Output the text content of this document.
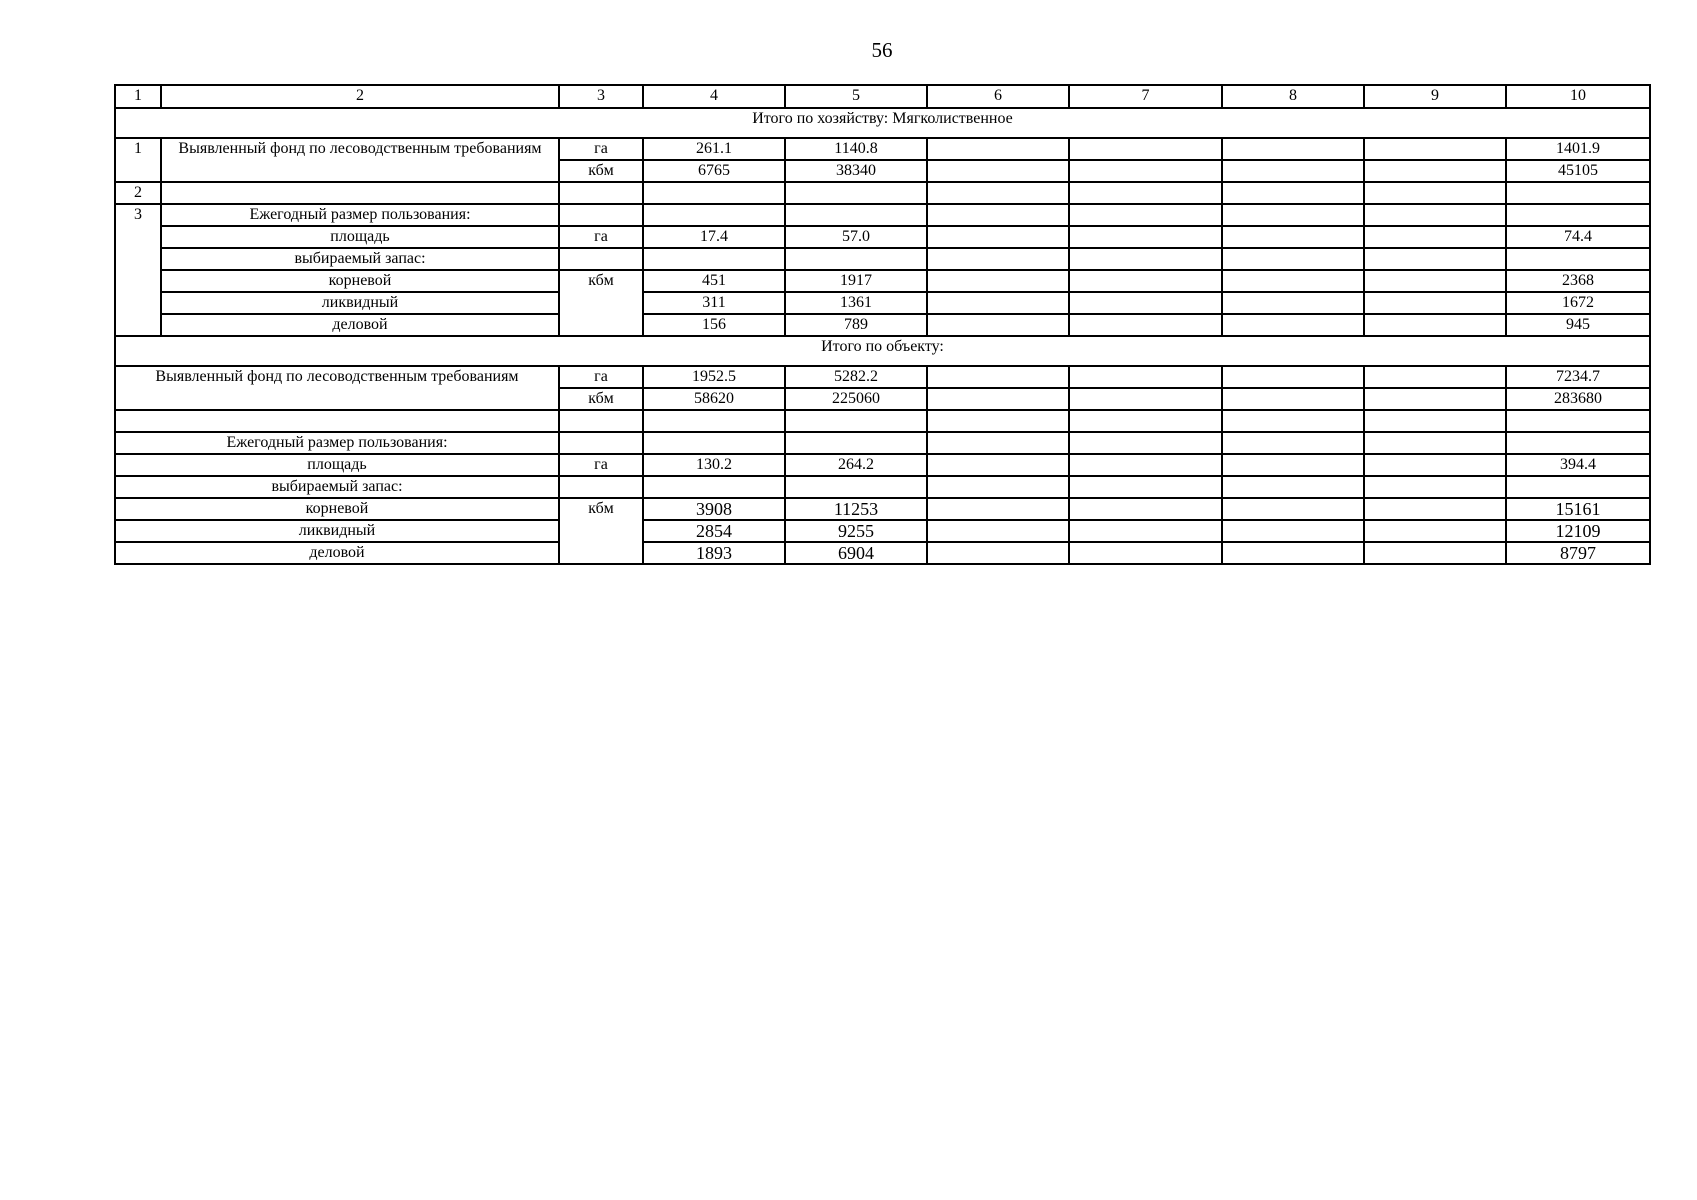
56
1	2	3	4	5	6	7	8	9	10
Итого по хозяйству: Мягколиственное									
1	Выявленный фонд по лесоводственным требованиям	га	261.1	1140.8					1401.9
		кбм	6765	38340					45105
2									
3	Ежегодный размер пользования:								
	площадь	га	17.4	57.0					74.4
	выбираемый запас:								
	корневой	кбм	451	1917					2368
	ликвидный		311	1361					1672
	деловой		156	789					945
Итого по объекту:									
Выявленный фонд по лесоводственным требованиям		га	1952.5	5282.2					7234.7
		кбм	58620	225060					283680

Ежегодный размер пользования:									
площадь		га	130.2	264.2					394.4
выбираемый запас:									
корневой		кбм	3908	11253					15161
ликвидный			2854	9255					12109
деловой			1893	6904					8797
